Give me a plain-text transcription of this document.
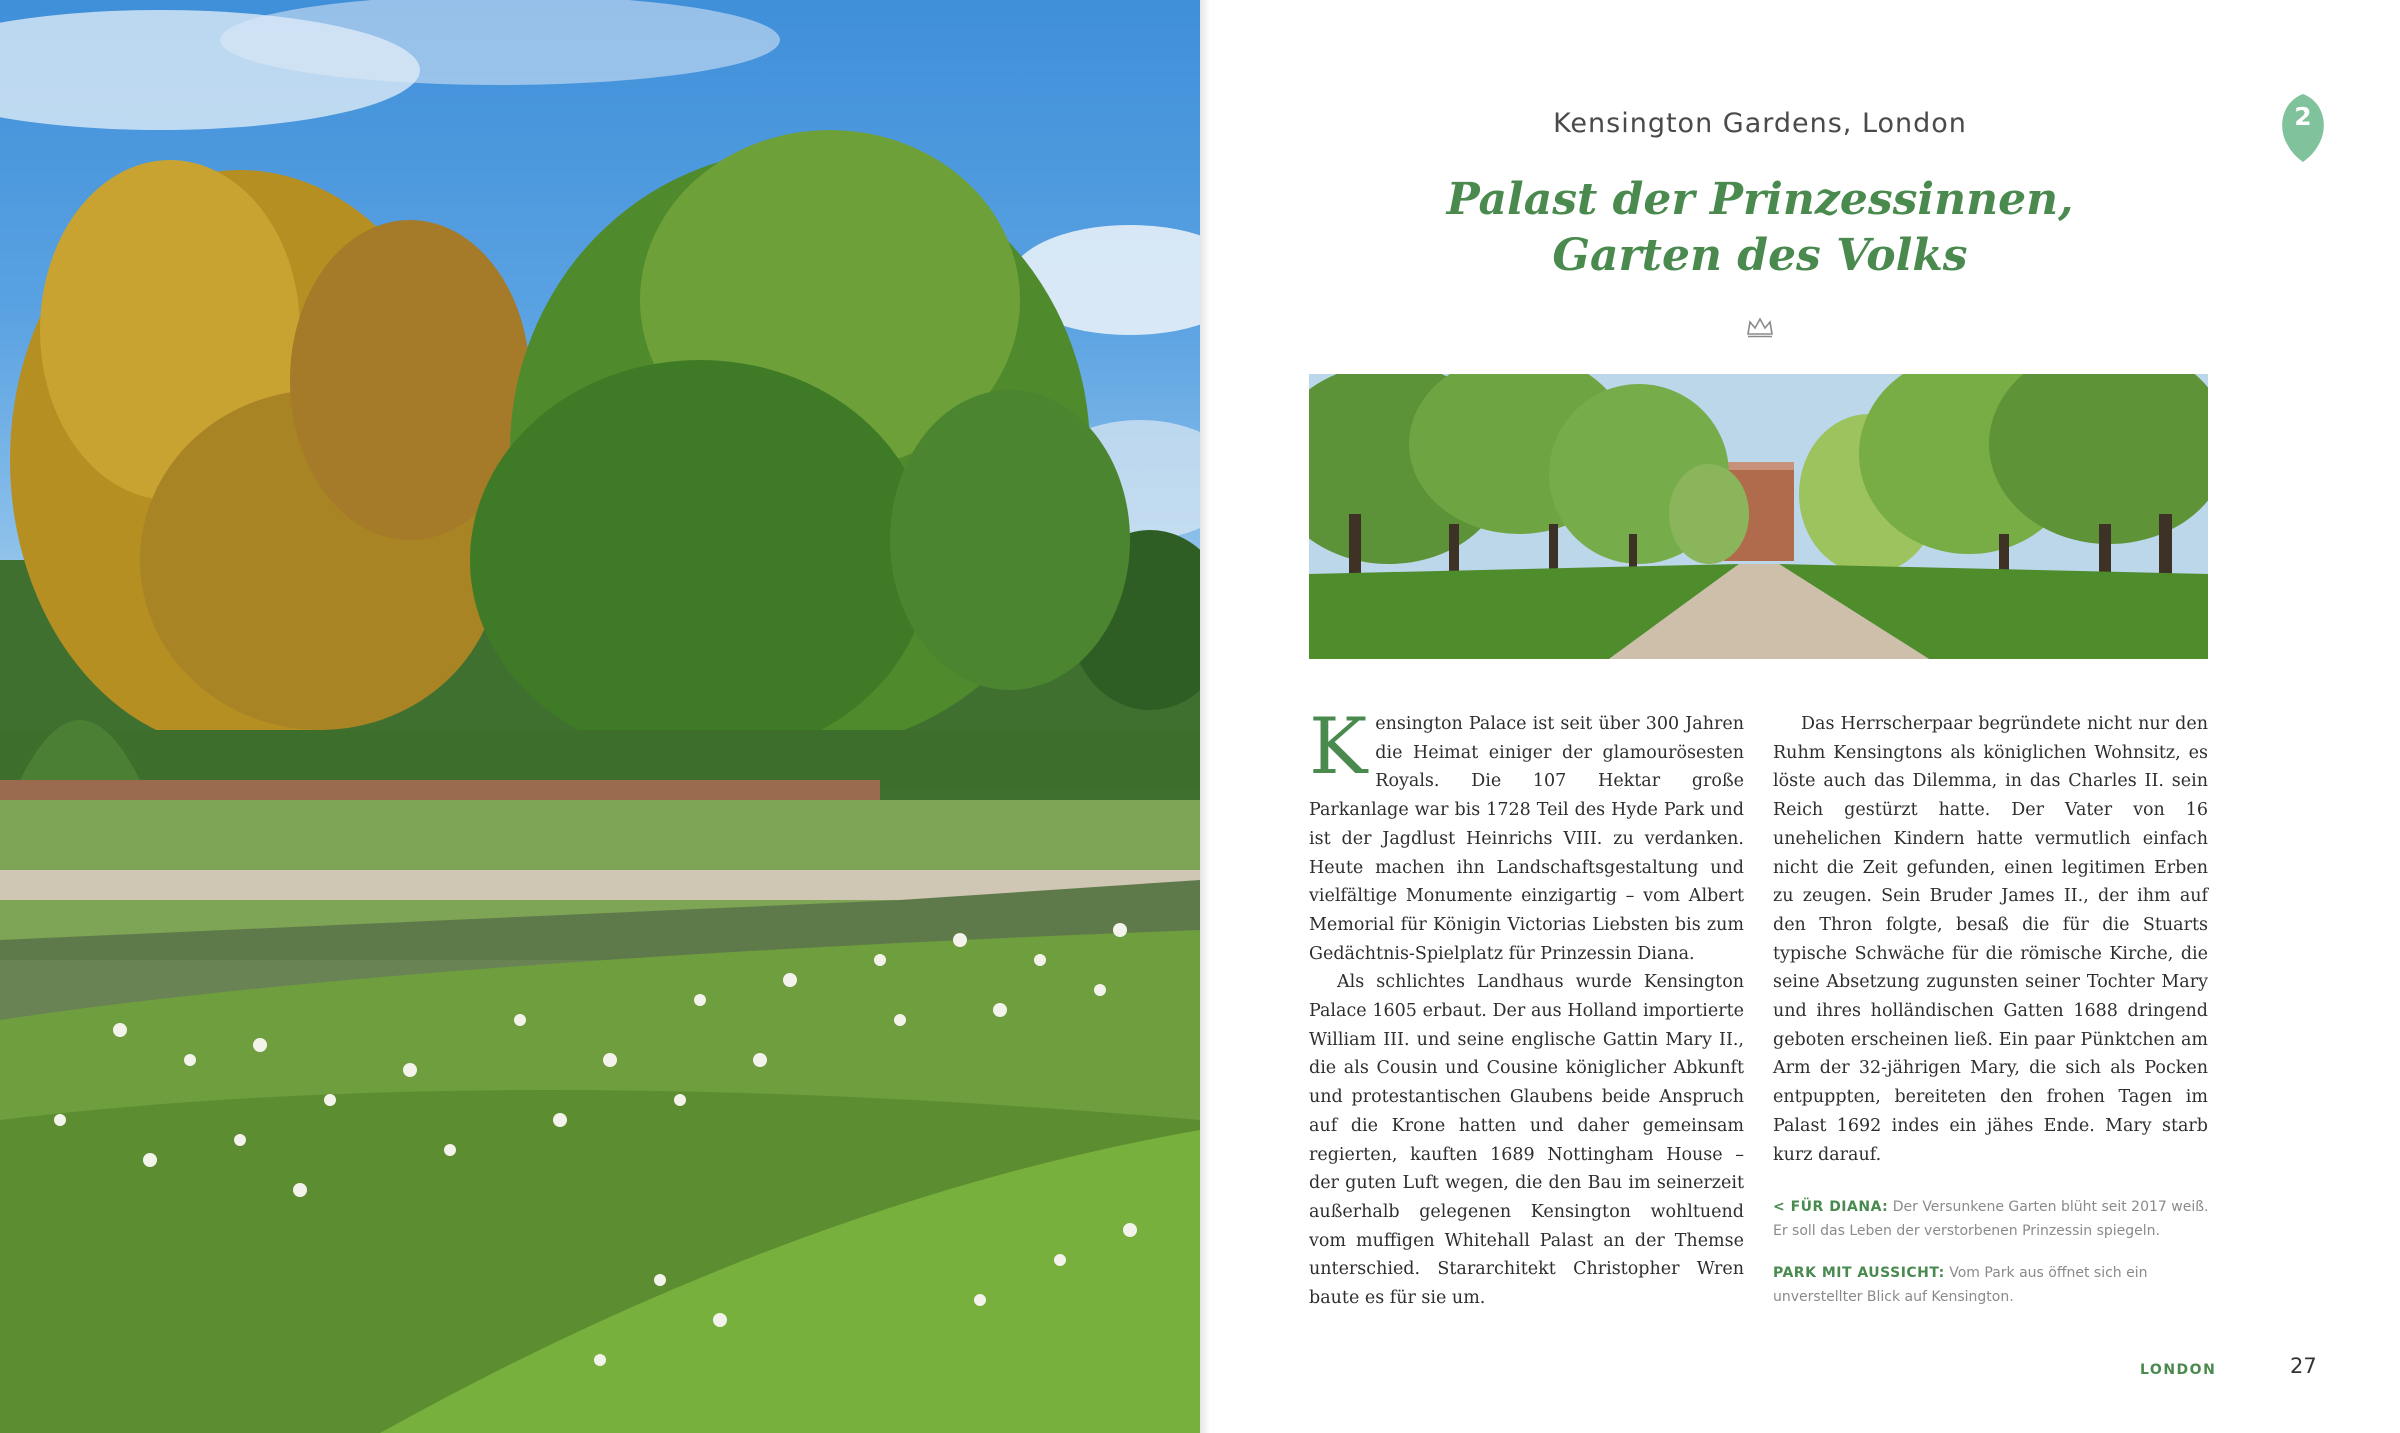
Kensington Gardens, London	2
Palast der Prinzessinnen,
Garten des Volks

Kensington Palace ist seit über 300 Jahren die Heimat einiger der glamourösesten Royals. Die 107 Hektar große Parkanlage war bis 1728 Teil des Hyde Park und ist der Jagdlust Heinrichs VIII. zu verdanken. Heute machen ihn Landschaftsgestaltung und vielfältige Monumente einzigartig – vom Albert Memorial für Königin Victorias Liebsten bis zum Gedächtnis-Spielplatz für Prinzessin Diana.

Als schlichtes Landhaus wurde Kensington Palace 1605 erbaut. Der aus Holland importierte William III. und seine englische Gattin Mary II., die als Cousin und Cousine königlicher Abkunft und protestantischen Glaubens beide Anspruch auf die Krone hatten und daher gemeinsam regierten, kauften 1689 Nottingham House – der guten Luft wegen, die den Bau im seinerzeit außerhalb gelegenen Kensington wohltuend vom muffigen Whitehall Palast an der Themse unterschied. Stararchitekt Christopher Wren baute es für sie um.

Das Herrscherpaar begründete nicht nur den Ruhm Kensingtons als königlichen Wohnsitz, es löste auch das Dilemma, in das Charles II. sein Reich gestürzt hatte. Der Vater von 16 unehelichen Kindern hatte vermutlich einfach nicht die Zeit gefunden, einen legitimen Erben zu zeugen. Sein Bruder James II., der ihm auf den Thron folgte, besaß die für die Stuarts typische Schwäche für die römische Kirche, die seine Absetzung zugunsten seiner Tochter Mary und ihres holländischen Gatten 1688 dringend geboten erscheinen ließ. Ein paar Pünktchen am Arm der 32-jährigen Mary, die sich als Pocken entpuppten, bereiteten den frohen Tagen im Palast 1692 indes ein jähes Ende. Mary starb kurz darauf.

< FÜR DIANA: Der Versunkene Garten blüht seit 2017 weiß. Er soll das Leben der verstorbenen Prinzessin spiegeln.

PARK MIT AUSSICHT: Vom Park aus öffnet sich ein unverstellter Blick auf Kensington.

LONDON	27
